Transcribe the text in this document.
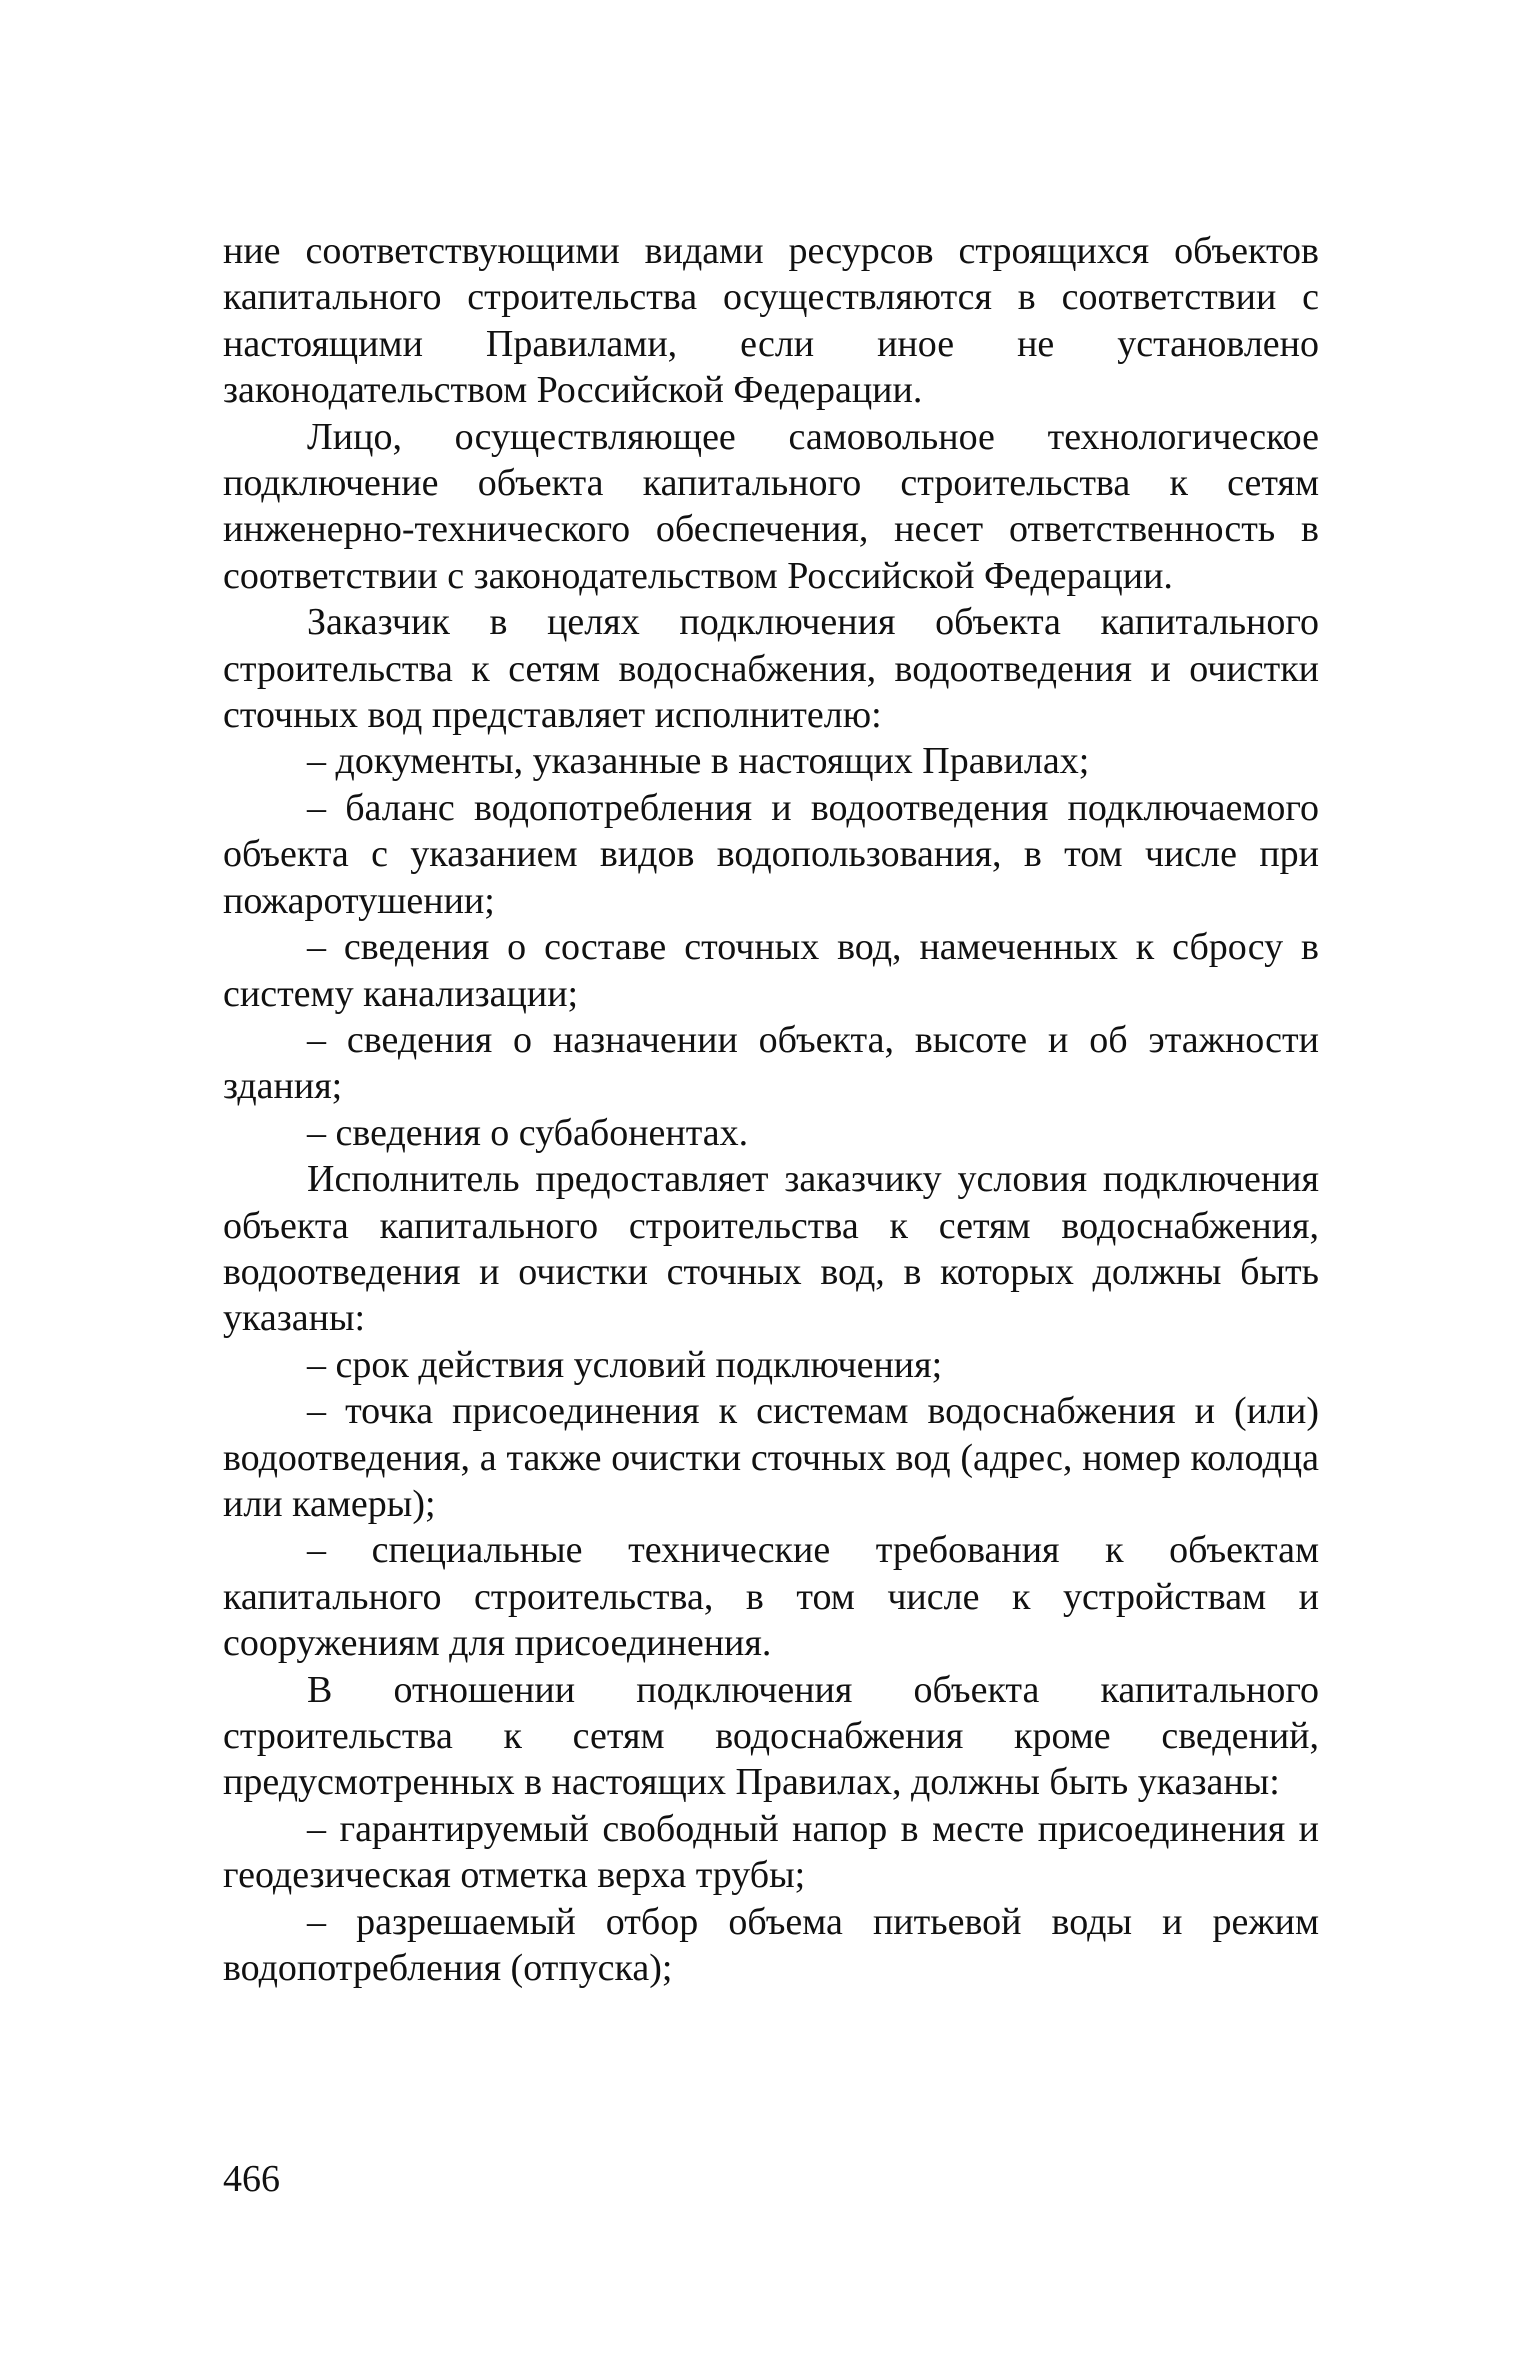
ние соответствующими видами ресурсов строящихся объектов капитального строительства осуществляются в соответствии с настоящими Правилами, если иное не установлено законодательством Российской Федерации.

Лицо, осуществляющее самовольное технологическое подключение объекта капитального строительства к сетям инженерно-технического обеспечения, несет ответственность в соответствии с законодательством Российской Федерации.

Заказчик в целях подключения объекта капитального строительства к сетям водоснабжения, водоотведения и очистки сточных вод представляет исполнителю:

– документы, указанные в настоящих Правилах;

– баланс водопотребления и водоотведения подключаемого объекта с указанием видов водопользования, в том числе при пожаротушении;

– сведения о составе сточных вод, намеченных к сбросу в систему канализации;

– сведения о назначении объекта, высоте и об этажности здания;

– сведения о субабонентах.

Исполнитель предоставляет заказчику условия подключения объекта капитального строительства к сетям водоснабжения, водоотведения и очистки сточных вод, в которых должны быть указаны:

– срок действия условий подключения;

– точка присоединения к системам водоснабжения и (или) водоотведения, а также очистки сточных вод (адрес, номер колодца или камеры);

– специальные технические требования к объектам капитального строительства, в том числе к устройствам и сооружениям для присоединения.

В отношении подключения объекта капитального строительства к сетям водоснабжения кроме сведений, предусмотренных в настоящих Правилах, должны быть указаны:

– гарантируемый свободный напор в месте присоединения и геодезическая отметка верха трубы;

– разрешаемый отбор объема питьевой воды и режим водопотребления (отпуска);

466
